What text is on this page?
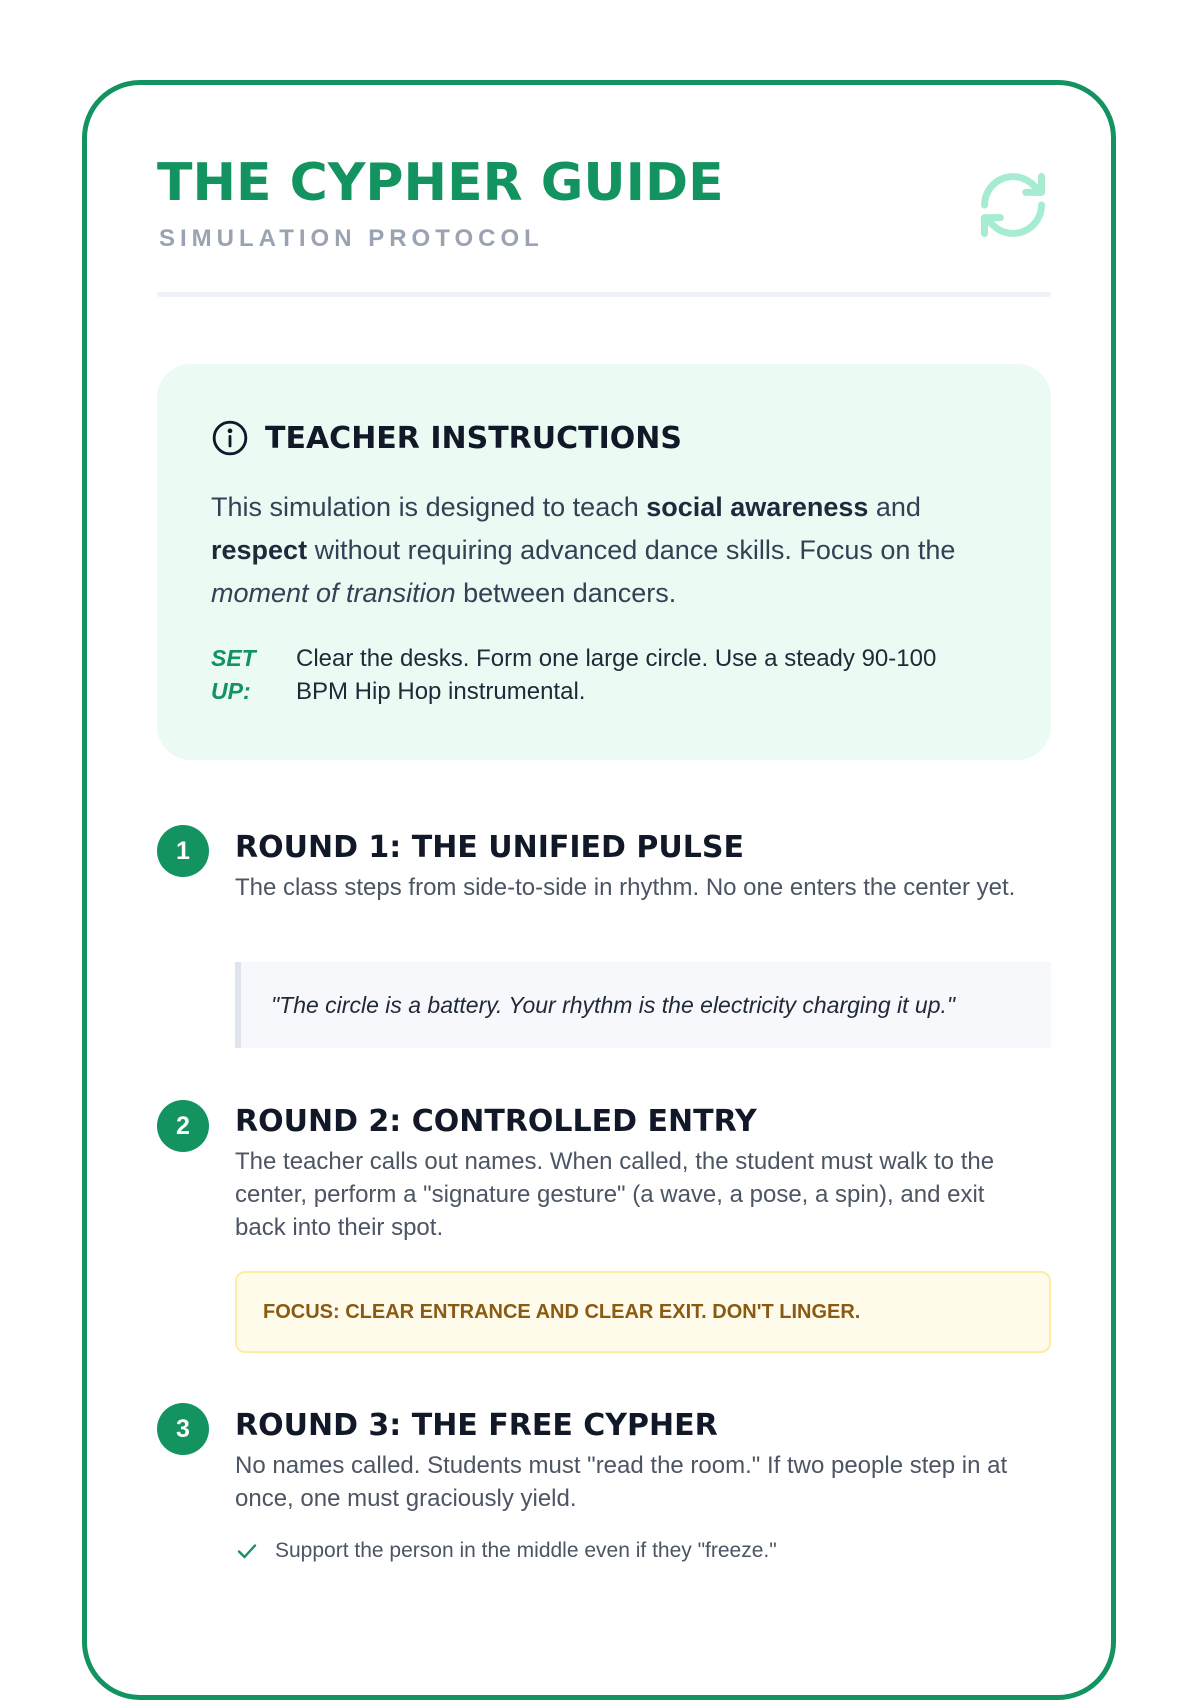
THE CYPHER GUIDE
SIMULATION PROTOCOL
TEACHER INSTRUCTIONS

This simulation is designed to teach social awareness and respect without requiring advanced dance skills. Focus on the moment of transition between dancers.

SET UP:
Clear the desks. Form one large circle. Use a steady 90-100 BPM Hip Hop instrumental.
1	ROUND 1: THE UNIFIED PULSE

The class steps from side-to-side in rhythm. No one enters the center yet.

"The circle is a battery. Your rhythm is the electricity charging it up."
2	ROUND 2: CONTROLLED ENTRY

The teacher calls out names. When called, the student must walk to the center, perform a "signature gesture" (a wave, a pose, a spin), and exit back into their spot.

FOCUS: CLEAR ENTRANCE AND CLEAR EXIT. DON'T LINGER.
3	ROUND 3: THE FREE CYPHER

No names called. Students must "read the room." If two people step in at once, one must graciously yield.

Support the person in the middle even if they "freeze."
